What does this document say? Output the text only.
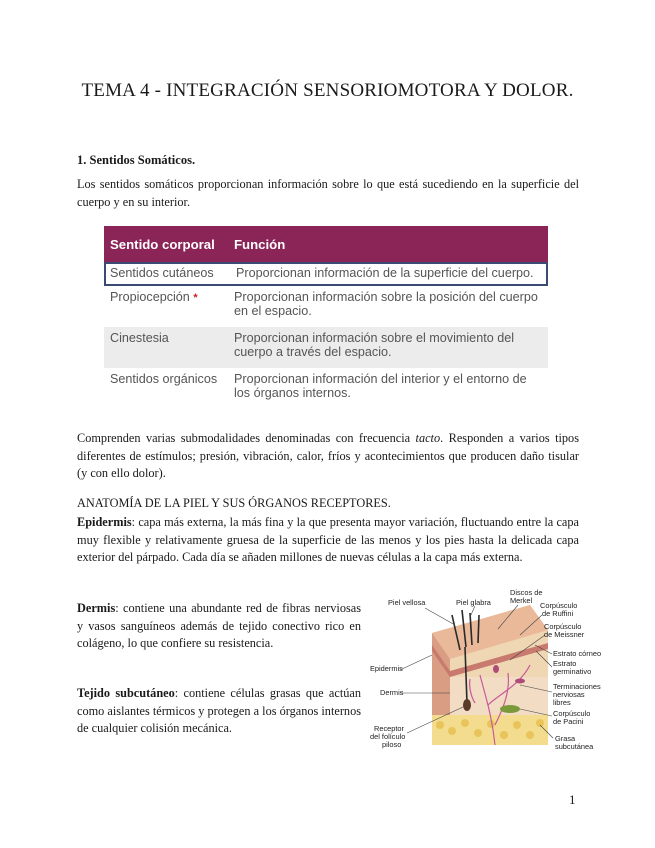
TEMA 4 - INTEGRACIÓN SENSORIOMOTORA Y DOLOR.
1. Sentidos Somáticos.
Los sentidos somáticos proporcionan información sobre lo que está sucediendo en la superficie del cuerpo y en su interior.
Sentido corporal	Función
Sentidos cutáneos	Proporcionan información de la superficie del cuerpo.
Propiocepción *	Proporcionan información sobre la posición del cuerpo en el espacio.
Cinestesia	Proporcionan información sobre el movimiento del cuerpo a través del espacio.
Sentidos orgánicos	Proporcionan información del interior y el entorno de los órganos internos.
Comprenden varias submodalidades denominadas con frecuencia tacto. Responden a varios tipos diferentes de estímulos; presión, vibración, calor, fríos y acontecimientos que producen daño tisular (y con ello dolor).
ANATOMÍA DE LA PIEL Y SUS ÓRGANOS RECEPTORES.
Epidermis: capa más externa, la más fina y la que presenta mayor variación, fluctuando entre la capa muy flexible y relativamente gruesa de la superficie de las menos y los pies hasta la delicada capa exterior del párpado. Cada día se añaden millones de nuevas células a la capa más externa.
Dermis: contiene una abundante red de fibras nerviosas y vasos sanguíneos además de tejido conectivo rico en colágeno, lo que confiere su resistencia.
Tejido subcutáneo: contiene células grasas que actúan como aislantes térmicos y protegen a los órganos internos de cualquier colisión mecánica.
Piel vellosa	Piel glabra
Discos de
Merkel
Corpúsculo
de Ruffini
Corpúsculo
de Meissner
Estrato córneo
Estrato
germinativo
Epidermis
Dermis
Terminaciones
nerviosas
libres
Corpúsculo
de Pacini
Receptor
del folículo
piloso
Grasa
subcutánea
1
